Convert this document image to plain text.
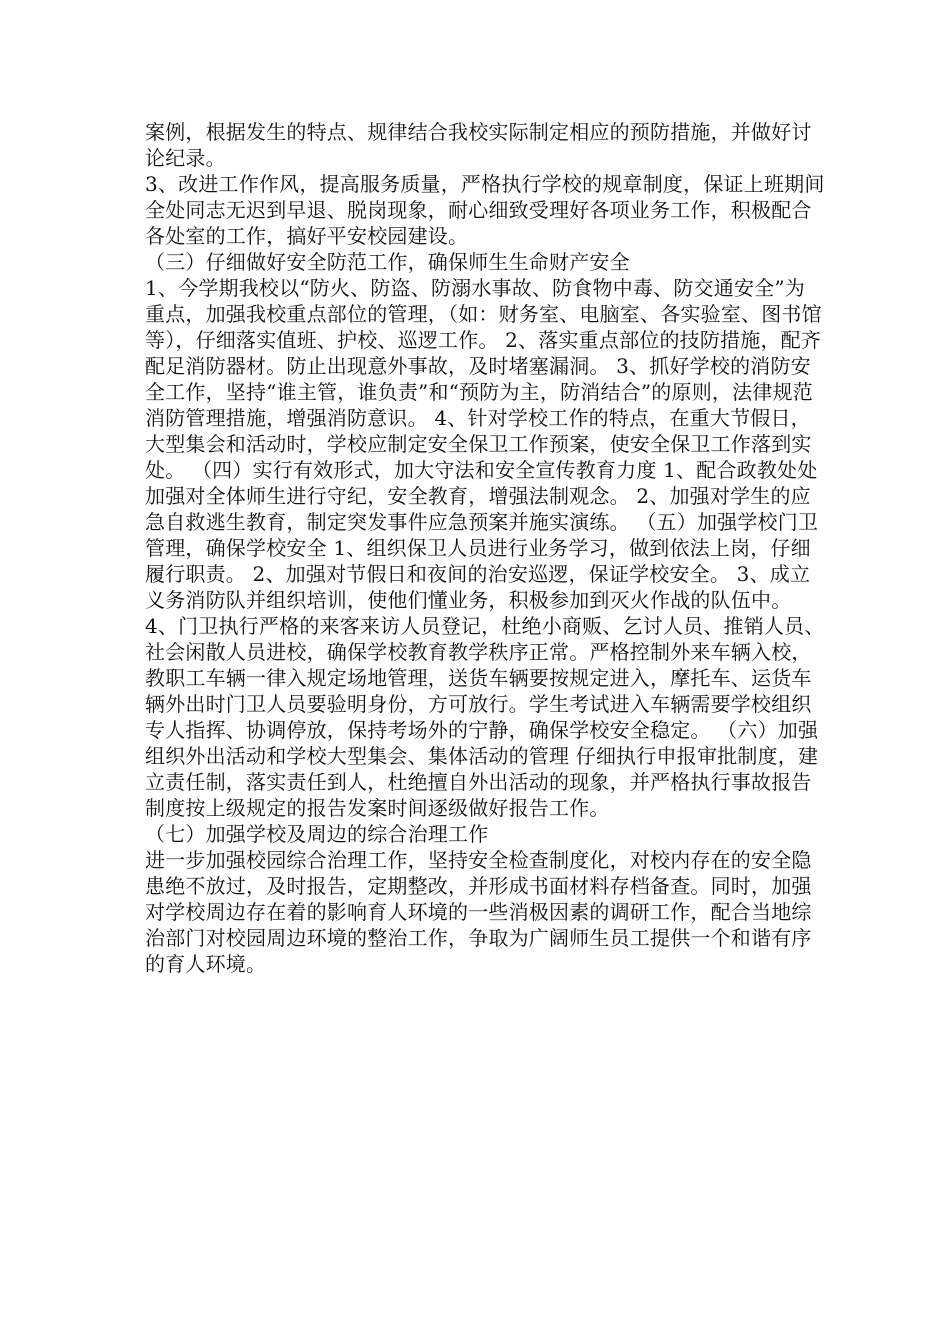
案例，根据发生的特点、规律结合我校实际制定相应的预防措施，并做好讨论纪录。

3、改进工作作风，提高服务质量，严格执行学校的规章制度，保证上班期间全处同志无迟到早退、脱岗现象，耐心细致受理好各项业务工作，积极配合各处室的工作，搞好平安校园建设。

（三）仔细做好安全防范工作，确保师生生命财产安全

1、今学期我校以“防火、防盗、防溺水事故、防食物中毒、防交通安全”为重点，加强我校重点部位的管理，（如：财务室、电脑室、各实验室、图书馆等），仔细落实值班、护校、巡逻工作。 2、落实重点部位的技防措施，配齐配足消防器材。防止出现意外事故，及时堵塞漏洞。 3、抓好学校的消防安全工作，坚持“谁主管，谁负责”和“预防为主，防消结合”的原则，法律规范消防管理措施，增强消防意识。 4、针对学校工作的特点，在重大节假日，大型集会和活动时，学校应制定安全保卫工作预案，使安全保卫工作落到实处。 （四）实行有效形式，加大守法和安全宣传教育力度 1、配合政教处处加强对全体师生进行守纪，安全教育，增强法制观念。 2、加强对学生的应急自救逃生教育，制定突发事件应急预案并施实演练。 （五）加强学校门卫管理，确保学校安全 1、组织保卫人员进行业务学习，做到依法上岗，仔细履行职责。 2、加强对节假日和夜间的治安巡逻，保证学校安全。 3、成立义务消防队并组织培训，使他们懂业务，积极参加到灭火作战的队伍中。 4、门卫执行严格的来客来访人员登记，杜绝小商贩、乞讨人员、推销人员、社会闲散人员进校，确保学校教育教学秩序正常。严格控制外来车辆入校，教职工车辆一律入规定场地管理，送货车辆要按规定进入，摩托车、运货车辆外出时门卫人员要验明身份，方可放行。学生考试进入车辆需要学校组织专人指挥、协调停放，保持考场外的宁静，确保学校安全稳定。 （六）加强组织外出活动和学校大型集会、集体活动的管理 仔细执行申报审批制度，建立责任制，落实责任到人，杜绝擅自外出活动的现象，并严格执行事故报告制度按上级规定的报告发案时间逐级做好报告工作。

（七）加强学校及周边的综合治理工作

进一步加强校园综合治理工作，坚持安全检查制度化，对校内存在的安全隐患绝不放过，及时报告，定期整改，并形成书面材料存档备查。同时，加强对学校周边存在着的影响育人环境的一些消极因素的调研工作，配合当地综治部门对校园周边环境的整治工作，争取为广阔师生员工提供一个和谐有序的育人环境。
